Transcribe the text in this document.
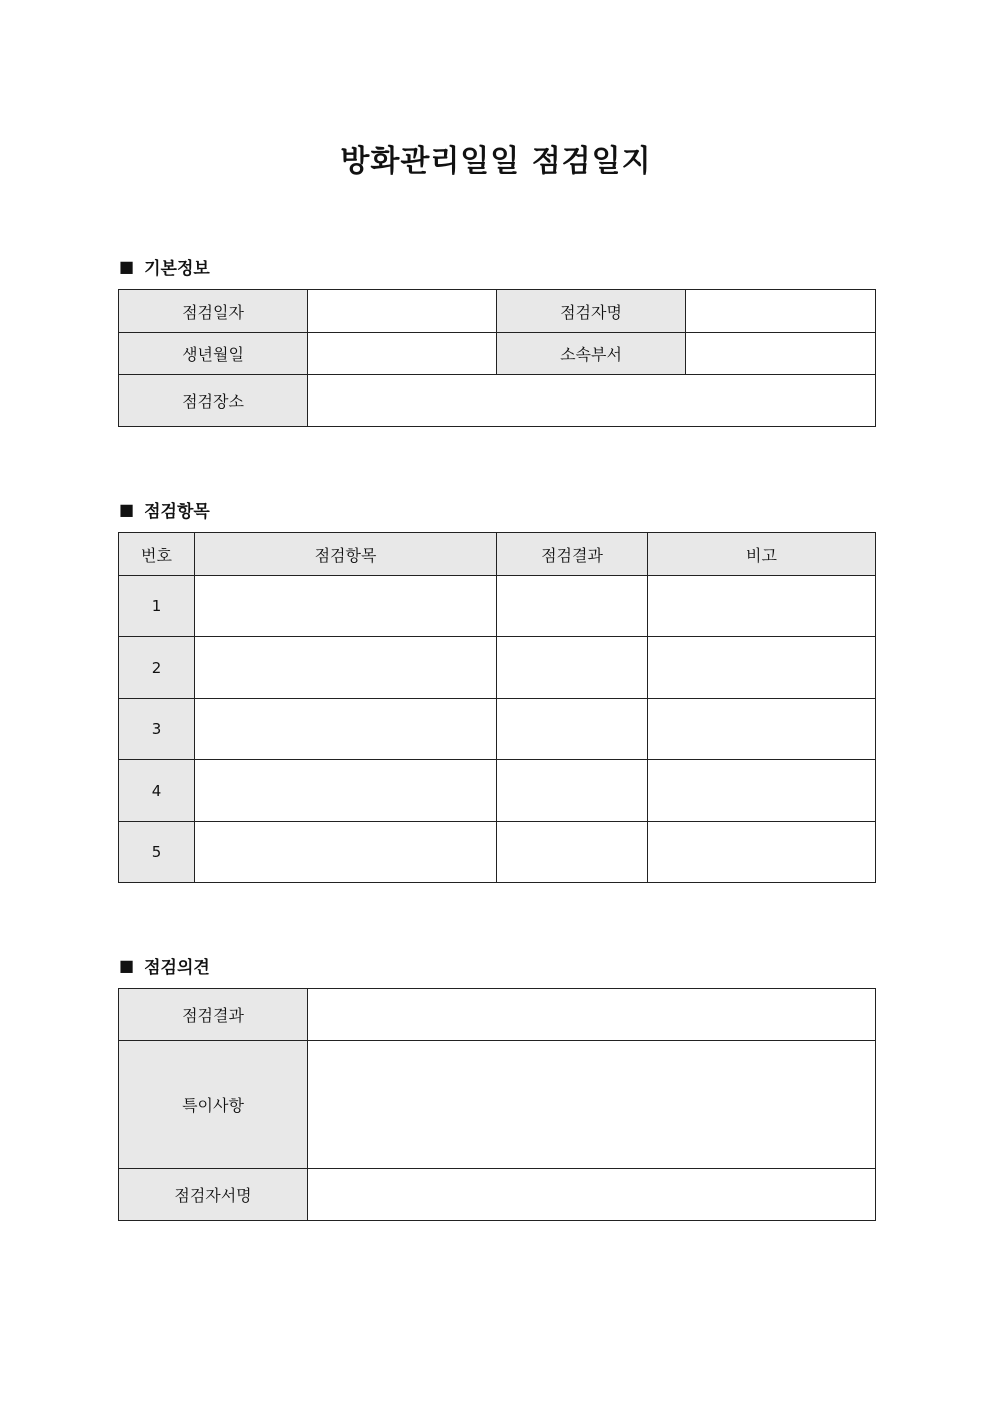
방화관리일일 점검일지
■ 기본정보
점검일자		점검자명	
생년월일		소속부서	
점검장소			
■ 점검항목
번호	점검항목	점검결과	비고
1			
2			
3			
4			
5			
■ 점검의견
점검결과	
특이사항	
점검자서명	
